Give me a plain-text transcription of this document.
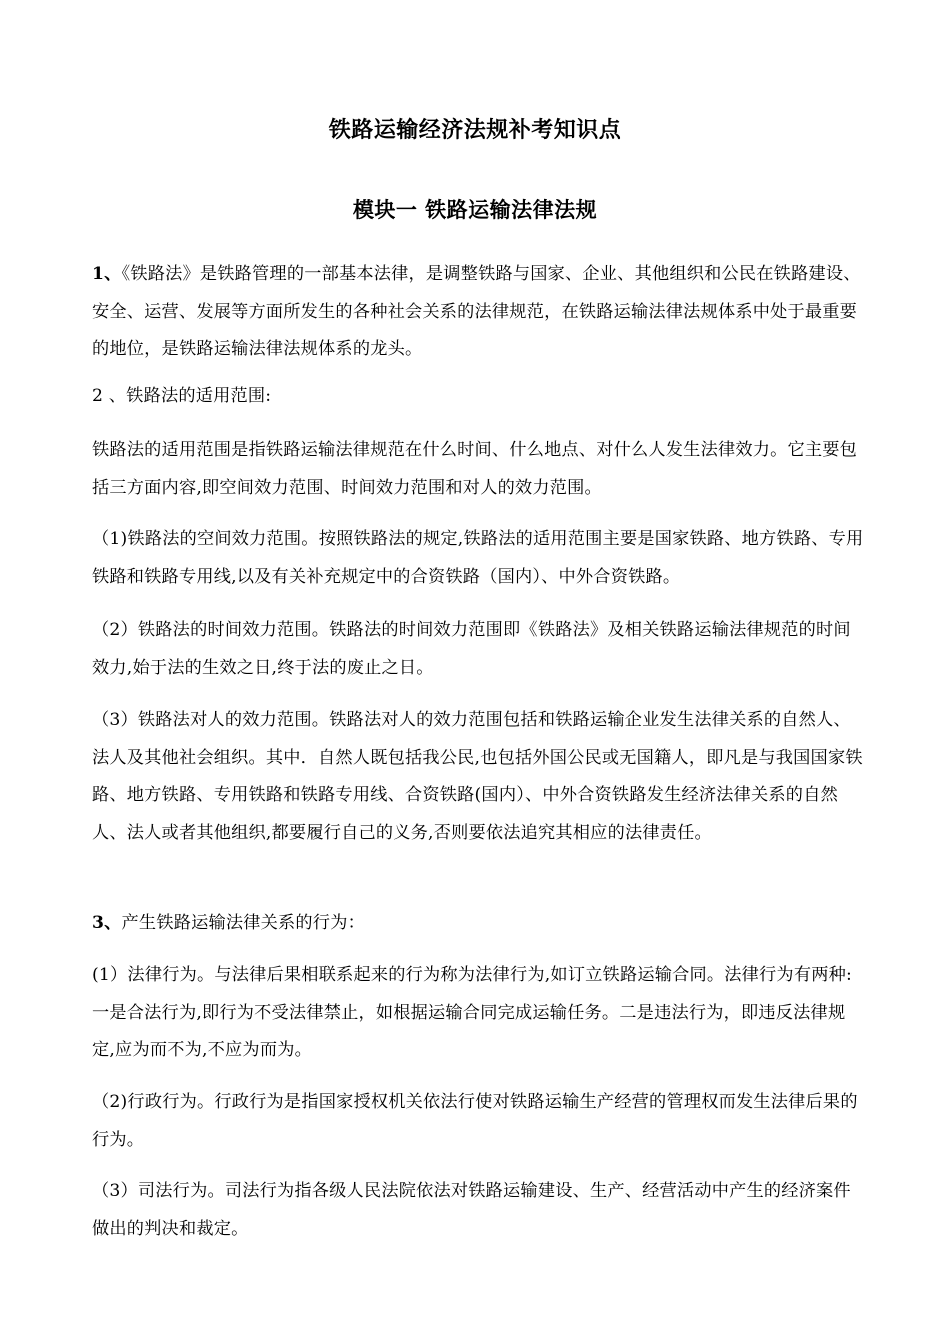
铁路运输经济法规补考知识点
模块一 铁路运输法律法规
1、《铁路法》是铁路管理的一部基本法律，是调整铁路与国家、企业、其他组织和公民在铁路建设、安全、运营、发展等方面所发生的各种社会关系的法律规范，在铁路运输法律法规体系中处于最重要的地位，是铁路运输法律法规体系的龙头。
2 、铁路法的适用范围:
铁路法的适用范围是指铁路运输法律规范在什么时间、什么地点、对什么人发生法律效力。它主要包括三方面内容,即空间效力范围、时间效力范围和对人的效力范围。
（1)铁路法的空间效力范围。按照铁路法的规定,铁路法的适用范围主要是国家铁路、地方铁路、专用铁路和铁路专用线,以及有关补充规定中的合资铁路（国内）、中外合资铁路。
（2）铁路法的时间效力范围。铁路法的时间效力范围即《铁路法》及相关铁路运输法律规范的时间效力,始于法的生效之日,终于法的废止之日。
（3）铁路法对人的效力范围。铁路法对人的效力范围包括和铁路运输企业发生法律关系的自然人、法人及其他社会组织。其中．自然人既包括我公民,也包括外国公民或无国籍人，即凡是与我国国家铁路、地方铁路、专用铁路和铁路专用线、合资铁路(国内）、中外合资铁路发生经济法律关系的自然人、法人或者其他组织,都要履行自己的义务,否则要依法追究其相应的法律责任。
3、产生铁路运输法律关系的行为：
(1）法律行为。与法律后果相联系起来的行为称为法律行为,如订立铁路运输合同。法律行为有两种:一是合法行为,即行为不受法律禁止，如根据运输合同完成运输任务。二是违法行为，即违反法律规定,应为而不为,不应为而为。
（2)行政行为。行政行为是指国家授权机关依法行使对铁路运输生产经营的管理权而发生法律后果的行为。
（3）司法行为。司法行为指各级人民法院依法对铁路运输建设、生产、经营活动中产生的经济案件做出的判决和裁定。
